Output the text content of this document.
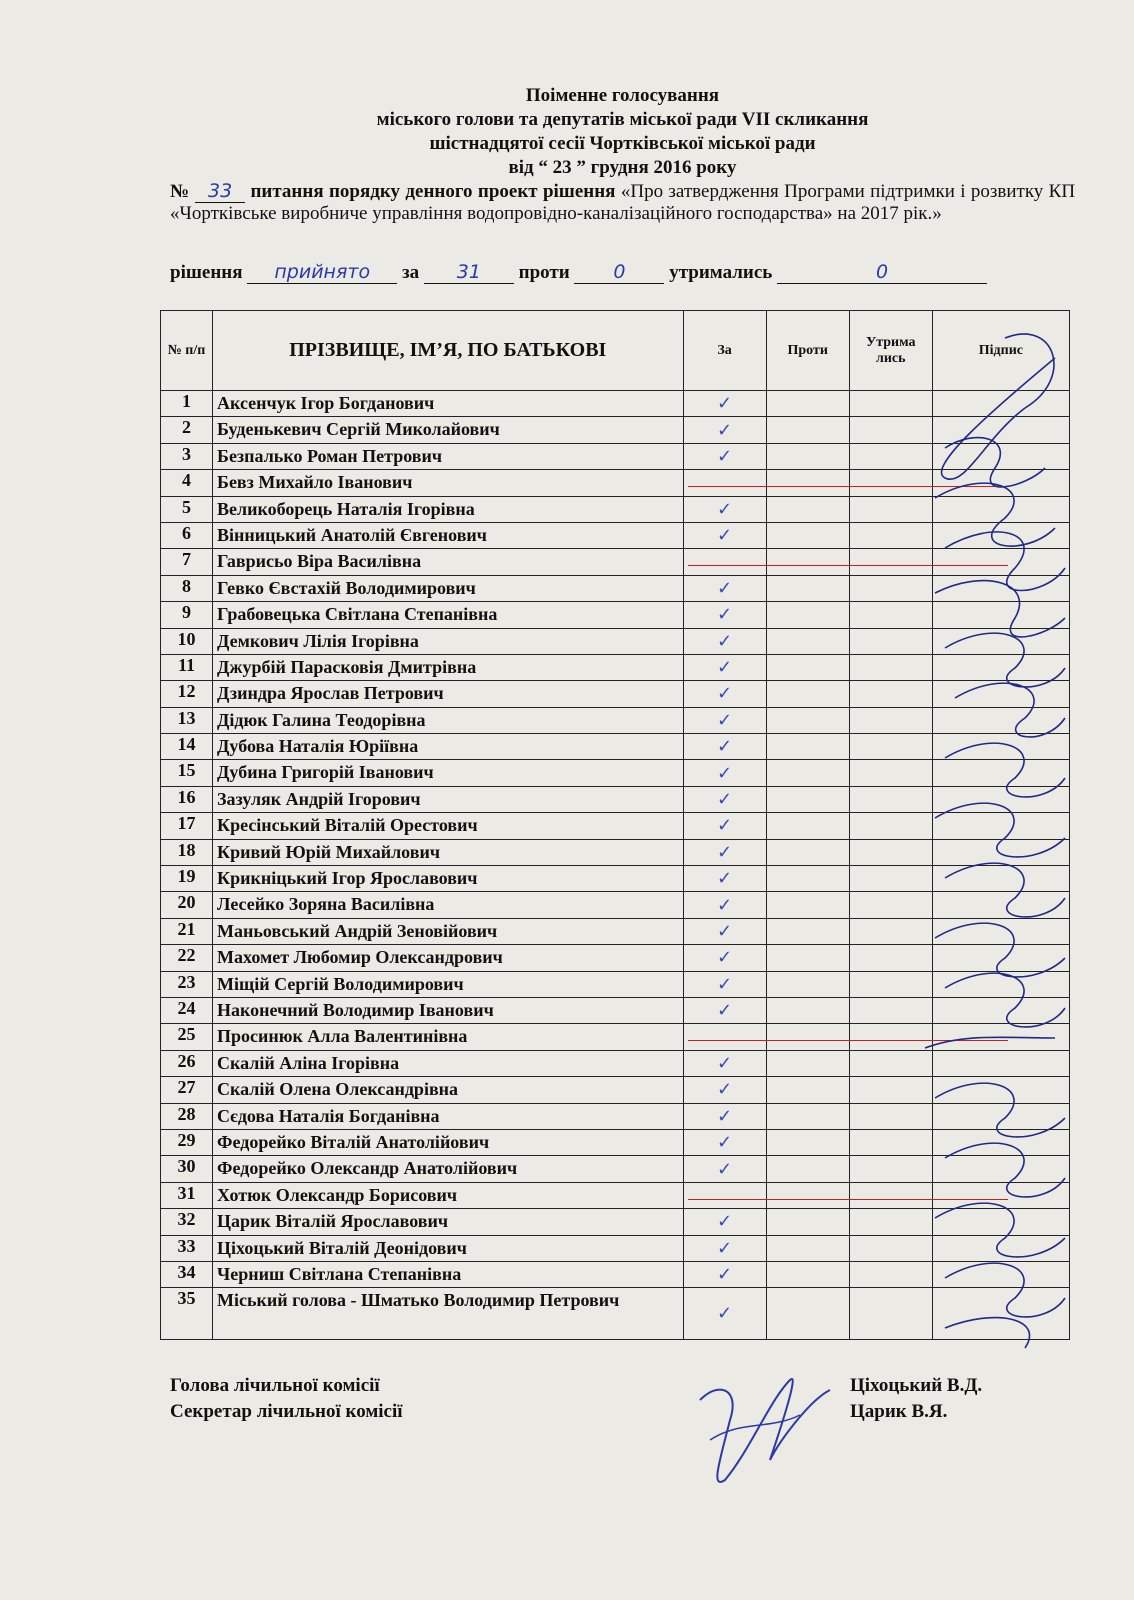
Поіменне голосування
міського голови та депутатів міської ради VII скликання
шістнадцятої сесії Чортківської міської ради
від “ 23 ” грудня 2016 року
№ 33 питання порядку денного проект рішення «Про затвердження Програми підтримки і розвитку КП «Чортківське виробниче управління водопровідно-каналізаційного господарства» на 2017 рік.»
рішення прийнято за 31 проти 0 утримались	0
№ п/п	ПРІЗВИЩЕ, ІМ’Я, ПО БАТЬКОВІ	За	Проти	Утрима лись	Підпис
1	Аксенчук Ігор Богданович	✓			

2	Буденькевич Сергій Миколайович	✓			

3	Безпалько Роман Петрович	✓			

4	Бевз Михайло Іванович	

5	Великоборець Наталія Ігорівна	✓			

6	Вінницький Анатолій Євгенович	✓			

7	Гаврисьо Віра Василівна	

8	Гевко Євстахій Володимирович	✓			

9	Грабовецька Світлана Степанівна	✓			

10	Демкович Лілія Ігорівна	✓			

11	Джурбій Парасковія Дмитрівна	✓			

12	Дзиндра Ярослав Петрович	✓			

13	Дідюк Галина Теодорівна	✓			

14	Дубова Наталія Юріївна	✓			

15	Дубина Григорій Іванович	✓			

16	Зазуляк Андрій Ігорович	✓			

17	Кресінський Віталій Орестович	✓			

18	Кривий Юрій Михайлович	✓			

19	Крикніцький Ігор Ярославович	✓			

20	Лесейко Зоряна Василівна	✓			

21	Маньовський Андрій Зеновійович	✓			

22	Махомет Любомир Олександрович	✓			

23	Міщій Сергій Володимирович	✓			

24	Наконечний Володимир Іванович	✓			

25	Просинюк Алла Валентинівна	

26	Скалій Аліна Ігорівна	✓			

27	Скалій Олена Олександрівна	✓			

28	Сєдова Наталія Богданівна	✓			

29	Федорейко Віталій Анатолійович	✓			

30	Федорейко Олександр Анатолійович	✓			

31	Хотюк Олександр Борисович	

32	Царик Віталій Ярославович	✓			

33	Ціхоцький Віталій Деонідович	✓			

34	Черниш Світлана Степанівна	✓			

35	Міський голова - Шматько Володимир Петрович	✓			

Голова лічильної комісії	Ціхоцький В.Д.
Секретар лічильної комісії	Царик В.Я.
